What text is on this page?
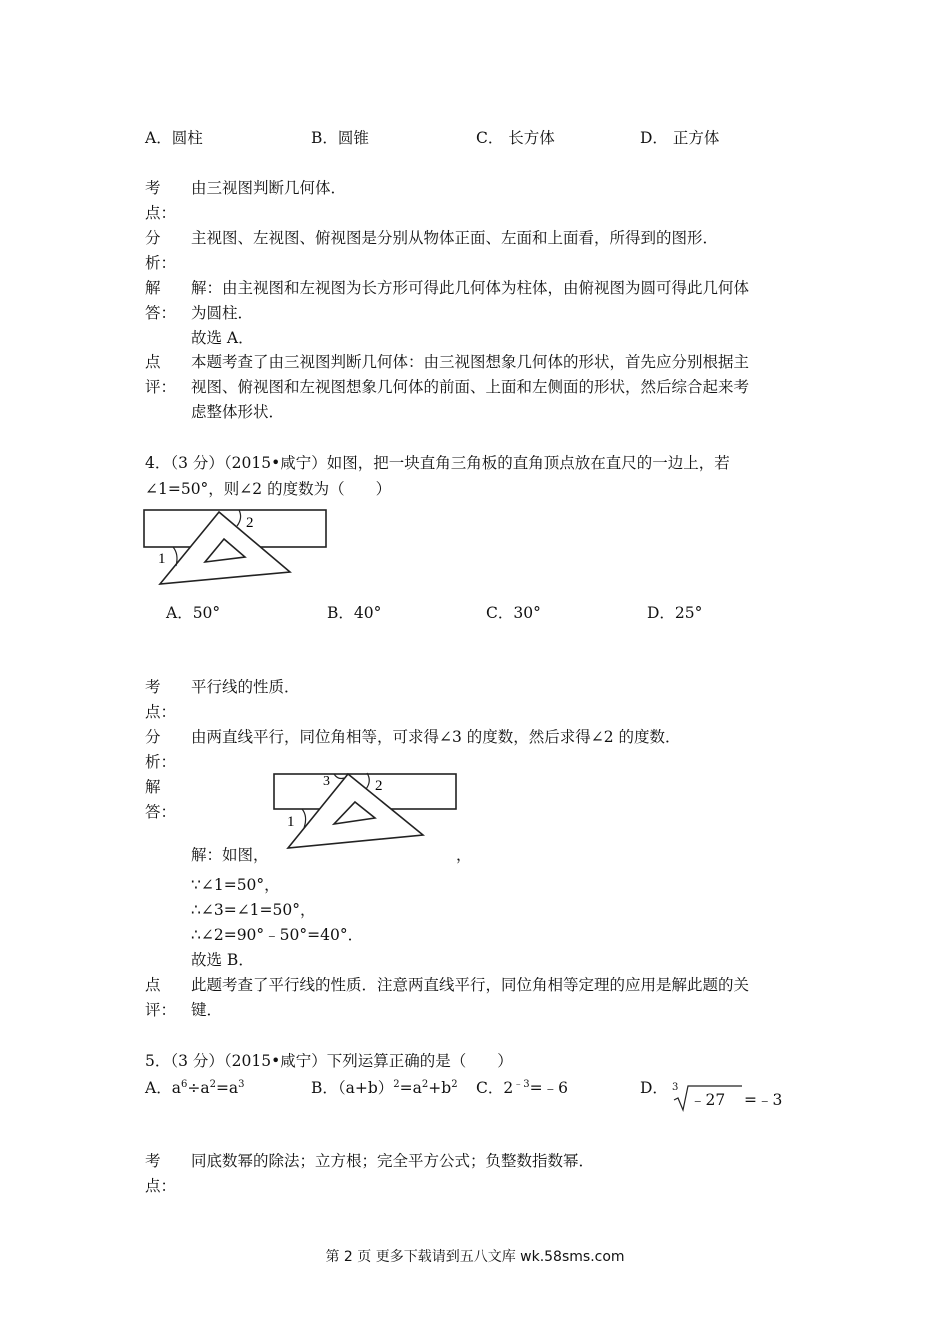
A．圆柱	B．圆锥	C． 长方体	D． 正方体
考
点：
由三视图判断几何体．
分
析：
主视图、左视图、俯视图是分别从物体正面、左面和上面看，所得到的图形．
解
答：
解：由主视图和左视图为长方形可得此几何体为柱体，由俯视图为圆可得此几何体
为圆柱．
故选 A．
点
评：
本题考查了由三视图判断几何体：由三视图想象几何体的形状，首先应分别根据主
视图、俯视图和左视图想象几何体的前面、上面和左侧面的形状，然后综合起来考
虑整体形状．
4．（3 分）（2015•咸宁）如图，把一块直角三角板的直角顶点放在直尺的一边上，若
∠1=50°，则∠2 的度数为（　　）
1
2
A．50°	B．40°	C．30°	D．25°
考
点：
平行线的性质．
分
析：
由两直线平行，同位角相等，可求得∠3 的度数，然后求得∠2 的度数．
解
答：
1
2
3
解：如图，	，
∵∠1=50°，
∴∠3=∠1=50°，
∴∠2=90°﹣50°=40°．
故选 B．
点
评：
此题考查了平行线的性质．注意两直线平行，同位角相等定理的应用是解此题的关
键．
5．（3 分）（2015•咸宁）下列运算正确的是（　　）
A．$a^6\div a^2=a^3$	B．$(a+b)^2=a^2+b^2$ C．$2^{﹣3}=﹣6$	D． 3
﹣27 =﹣3
考
点：
同底数幂的除法；立方根；完全平方公式；负整数指数幂．
第 2 页 更多下载请到五八文库 wk.58sms.com
